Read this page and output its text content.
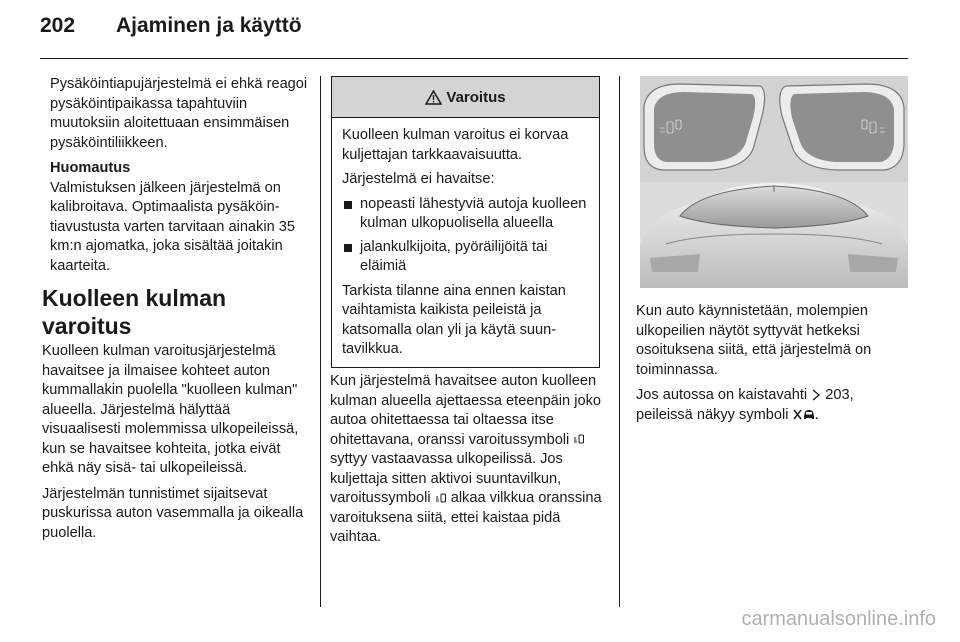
202 Ajaminen ja käyttö

Pysäköintiapujärjestelmä ei ehkä reagoi pysäköintipaikassa tapahtuviin muutoksiin aloitettuaan ensimmäisen pysäköintiliikkeen.

Huomautus

Valmistuksen jälkeen järjestelmä on kalibroitava. Optimaalista pysäköintiavustusta varten tarvitaan ainakin 35 km:n ajomatka, joka sisältää joitakin kaarteita.

Kuolleen kulman varoitus

Kuolleen kulman varoitusjärjestelmä havaitsee ja ilmaisee kohteet auton kummallakin puolella "kuolleen kulman" alueella. Järjestelmä hälyttää visuaalisesti molemmissa ulkopeileissä, kun se havaitsee kohteita, jotka eivät ehkä näy sisä- tai ulkopeileissä.

Järjestelmän tunnistimet sijaitsevat puskurissa auton vasemmalla ja oikealla puolella.

Varoitus

Kuolleen kulman varoitus ei korvaa kuljettajan tarkkaavaisuutta.

Järjestelmä ei havaitse:

nopeasti lähestyviä autoja kuolleen kulman ulkopuolisella alueella
jalankulkijoita, pyöräilijöitä tai eläimiä

Tarkista tilanne aina ennen kaistan vaihtamista kaikista peileistä ja katsomalla olan yli ja käytä suuntavilkkua.

Kun järjestelmä havaitsee auton kuolleen kulman alueella ajettaessa eteenpäin joko autoa ohitettaessa tai oltaessa itse ohitettavana, oranssi varoitussymboli  syttyy vastaavassa ulkopeilissä. Jos kuljettaja sitten aktivoi suuntavilkun, varoitussymboli alkaa vilkkua oranssina varoituksena siitä, ettei kaistaa pidä vaihtaa.

Kun auto käynnistetään, molempien ulkopeilien näytöt syttyvät hetkeksi osoituksena siitä, että järjestelmä on toiminnassa.

Jos autossa on kaistavahti 203, peileissä näkyy symboli .

carmanualsonline.info
